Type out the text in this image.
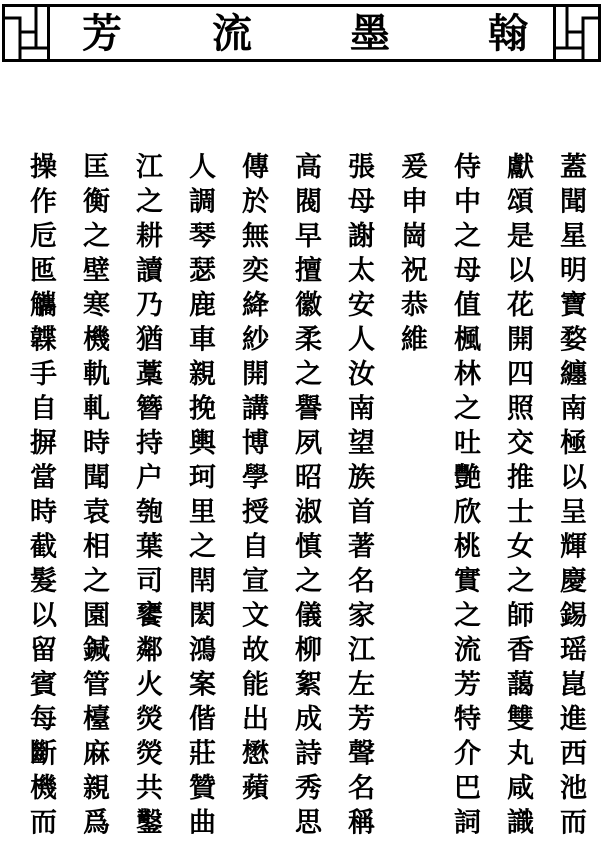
芳 流 墨 翰
蓋聞星明寶婺纏南極以呈輝慶錫瑶崑進西池而
獻頌是以花開四照交推士女之師香藹雙丸咸識
侍中之母值楓林之吐艷欣桃實之流芳特介巴詞
爰申崗祝恭維
張母謝太安人汝南望族首著名家江左芳聲名稱
高閥早擅徽柔之譽夙昭淑慎之儀柳絮成詩秀思
傳於無奕絳紗開講博學授自宣文故能出懋蘋
人調琴瑟鹿車親挽輿珂里之閈閎鴻案偕莊贊曲
江之耕讀乃猶藁簪持户匏葉司饔鄰火熒熒共鑿
匡衡之壁寒機軌軋時聞袁相之園鍼管檯麻親爲
操作卮匜觿韘手自摒當時截髮以留賓每斷機而
